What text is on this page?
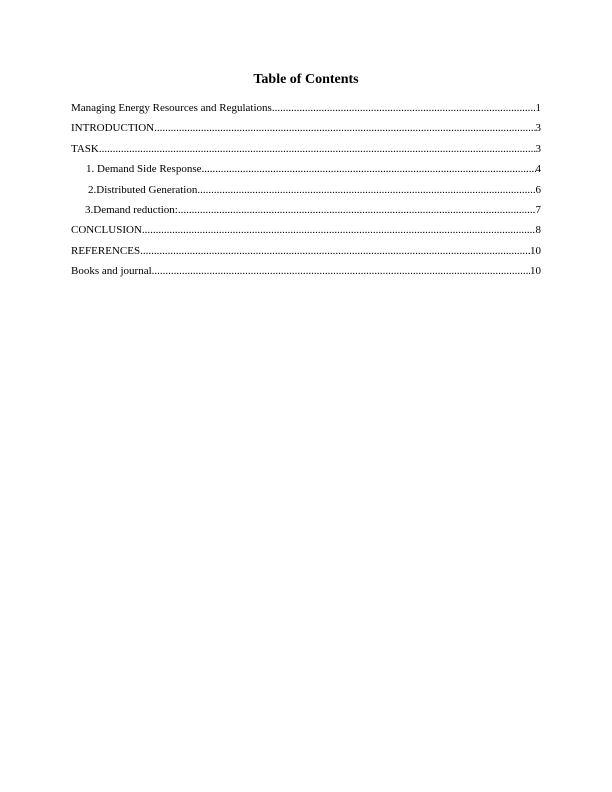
Table of Contents
Managing Energy Resources and Regulations .....	1
INTRODUCTION .....	3
TASK .....	3
1. Demand Side Response .....	4
2.Distributed Generation .....	6
3.Demand reduction: .....	7
CONCLUSION .....	8
REFERENCES .....	10
Books and journal .....	10
